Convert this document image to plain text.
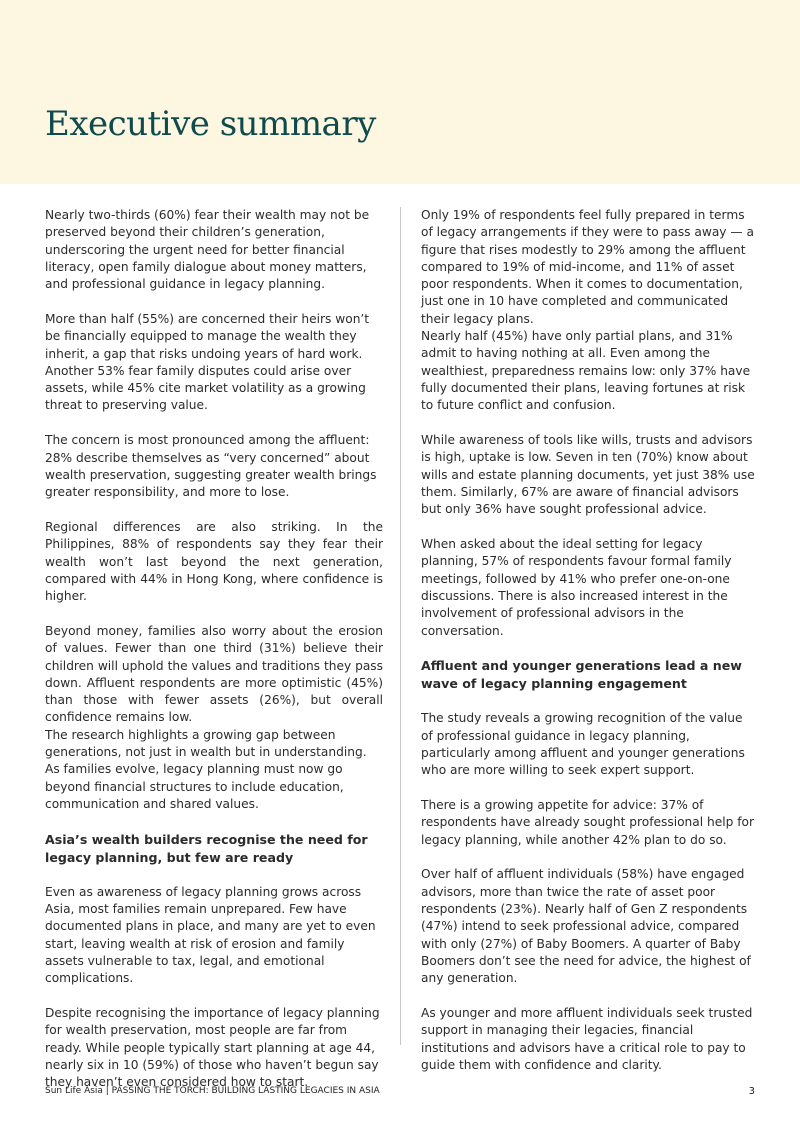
Executive summary

Nearly two-thirds (60%) fear their wealth may not be preserved beyond their children’s generation, underscoring the urgent need for better financial literacy, open family dialogue about money matters, and professional guidance in legacy planning.

More than half (55%) are concerned their heirs won’t be financially equipped to manage the wealth they inherit, a gap that risks undoing years of hard work. Another 53% fear family disputes could arise over assets, while 45% cite market volatility as a growing threat to preserving value.

The concern is most pronounced among the affluent: 28% describe themselves as “very concerned” about wealth preservation, suggesting greater wealth brings greater responsibility, and more to lose.

Regional differences are also striking. In the Philippines, 88% of respondents say they fear their wealth won’t last beyond the next generation, compared with 44% in Hong Kong, where confidence is higher.

Beyond money, families also worry about the erosion of values. Fewer than one third (31%) believe their children will uphold the values and traditions they pass down. Affluent respondents are more optimistic (45%) than those with fewer assets (26%), but overall confidence remains low.

The research highlights a growing gap between generations, not just in wealth but in understanding. As families evolve, legacy planning must now go beyond financial structures to include education, communication and shared values.

Asia’s wealth builders recognise the need for legacy planning, but few are ready

Even as awareness of legacy planning grows across Asia, most families remain unprepared. Few have documented plans in place, and many are yet to even start, leaving wealth at risk of erosion and family assets vulnerable to tax, legal, and emotional complications.

Despite recognising the importance of legacy planning for wealth preservation, most people are far from ready. While people typically start planning at age 44, nearly six in 10 (59%) of those who haven’t begun say they haven’t even considered how to start.

Only 19% of respondents feel fully prepared in terms of legacy arrangements if they were to pass away — a figure that rises modestly to 29% among the affluent compared to 19% of mid-income, and 11% of asset poor respondents. When it comes to documentation, just one in 10 have completed and communicated their legacy plans.

Nearly half (45%) have only partial plans, and 31% admit to having nothing at all. Even among the wealthiest, preparedness remains low: only 37% have fully documented their plans, leaving fortunes at risk to future conflict and confusion.

While awareness of tools like wills, trusts and advisors is high, uptake is low. Seven in ten (70%) know about wills and estate planning documents, yet just 38% use them. Similarly, 67% are aware of financial advisors but only 36% have sought professional advice.

When asked about the ideal setting for legacy planning, 57% of respondents favour formal family meetings, followed by 41% who prefer one-on-one discussions. There is also increased interest in the involvement of professional advisors in the conversation.

Affluent and younger generations lead a new wave of legacy planning engagement

The study reveals a growing recognition of the value of professional guidance in legacy planning, particularly among affluent and younger generations who are more willing to seek expert support.

There is a growing appetite for advice: 37% of respondents have already sought professional help for legacy planning, while another 42% plan to do so.

Over half of affluent individuals (58%) have engaged advisors, more than twice the rate of asset poor respondents (23%). Nearly half of Gen Z respondents (47%) intend to seek professional advice, compared with only (27%) of Baby Boomers. A quarter of Baby Boomers don’t see the need for advice, the highest of any generation.

As younger and more affluent individuals seek trusted support in managing their legacies, financial institutions and advisors have a critical role to pay to guide them with confidence and clarity.

Sun Life Asia | PASSING THE TORCH: BUILDING LASTING LEGACIES IN ASIA	3
